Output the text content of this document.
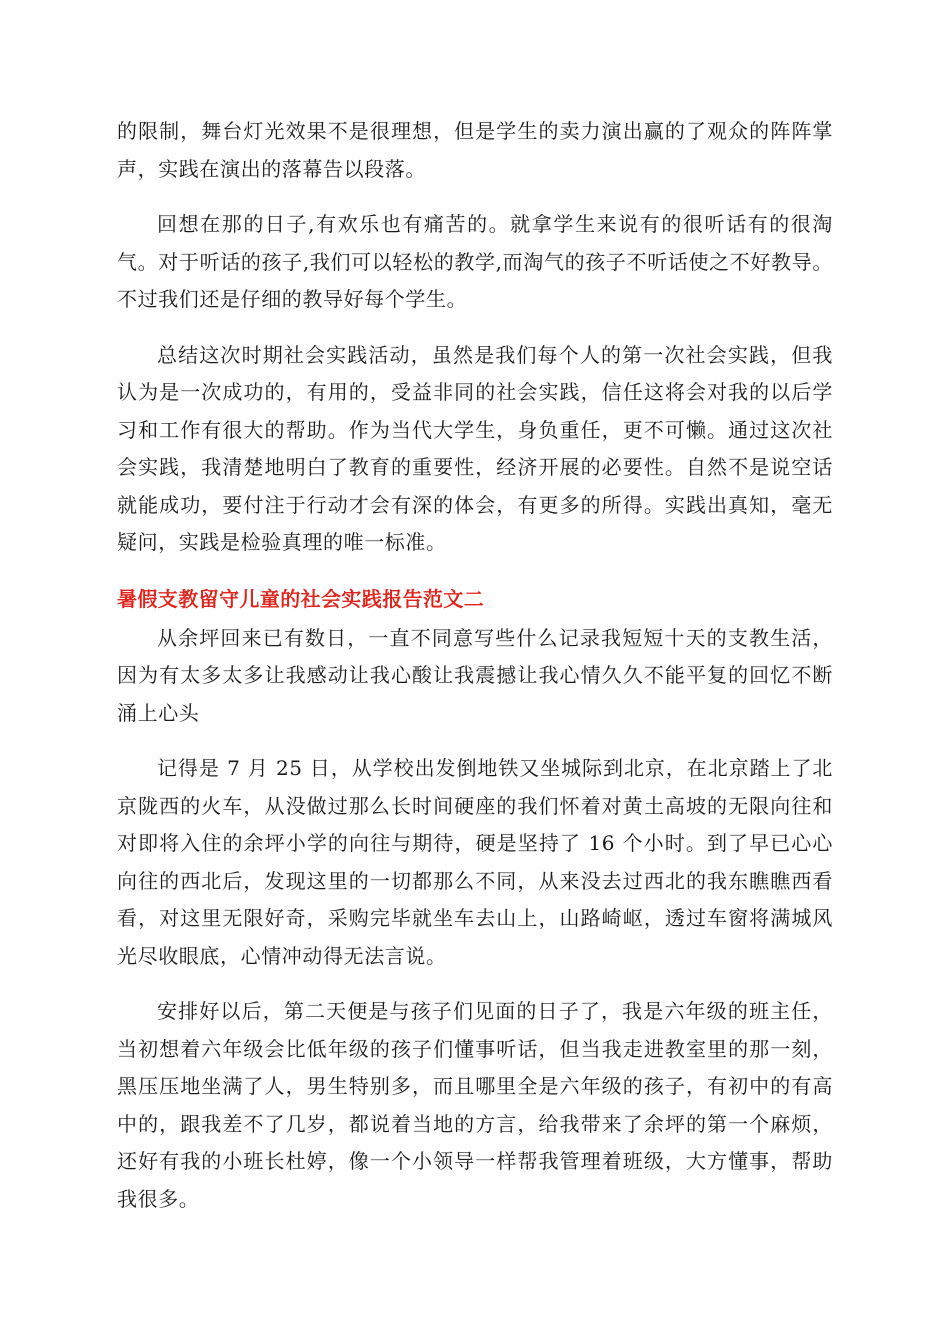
的限制，舞台灯光效果不是很理想，但是学生的卖力演出赢的了观众的阵阵掌声，实践在演出的落幕告以段落。

回想在那的日子,有欢乐也有痛苦的。就拿学生来说有的很听话有的很淘气。对于听话的孩子,我们可以轻松的教学,而淘气的孩子不听话使之不好教导。不过我们还是仔细的教导好每个学生。

总结这次时期社会实践活动，虽然是我们每个人的第一次社会实践，但我认为是一次成功的，有用的，受益非同的社会实践，信任这将会对我的以后学习和工作有很大的帮助。作为当代大学生，身负重任，更不可懒。通过这次社会实践，我清楚地明白了教育的重要性，经济开展的必要性。自然不是说空话就能成功，要付注于行动才会有深的体会，有更多的所得。实践出真知，毫无疑问，实践是检验真理的唯一标准。

暑假支教留守儿童的社会实践报告范文二

从余坪回来已有数日，一直不同意写些什么记录我短短十天的支教生活，因为有太多太多让我感动让我心酸让我震撼让我心情久久不能平复的回忆不断涌上心头

记得是 7 月 25 日，从学校出发倒地铁又坐城际到北京，在北京踏上了北京陇西的火车，从没做过那么长时间硬座的我们怀着对黄土高坡的无限向往和对即将入住的余坪小学的向往与期待，硬是坚持了 16 个小时。到了早已心心向往的西北后，发现这里的一切都那么不同，从来没去过西北的我东瞧瞧西看看，对这里无限好奇，采购完毕就坐车去山上，山路崎岖，透过车窗将满城风光尽收眼底，心情冲动得无法言说。

安排好以后，第二天便是与孩子们见面的日子了，我是六年级的班主任，当初想着六年级会比低年级的孩子们懂事听话，但当我走进教室里的那一刻，黑压压地坐满了人，男生特别多，而且哪里全是六年级的孩子，有初中的有高中的，跟我差不了几岁，都说着当地的方言，给我带来了余坪的第一个麻烦，还好有我的小班长杜婷，像一个小领导一样帮我管理着班级，大方懂事，帮助我很多。
